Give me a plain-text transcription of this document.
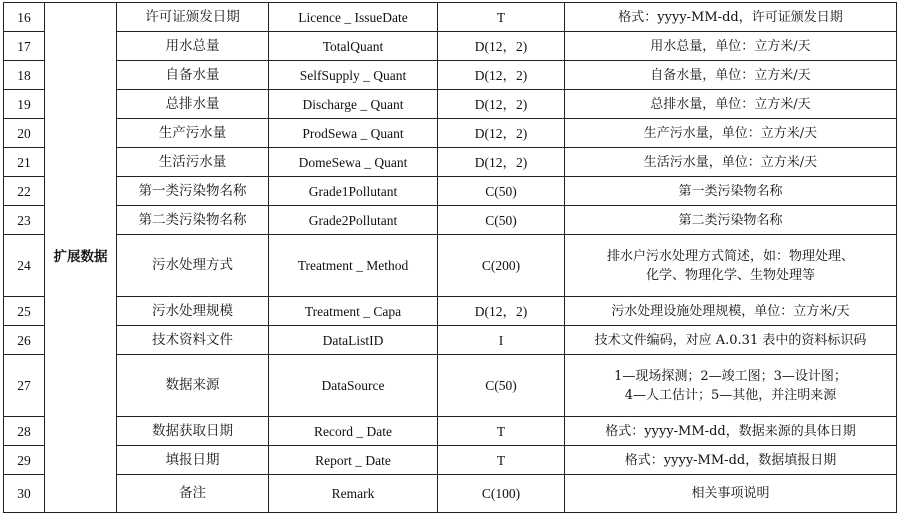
16	扩展数据	许可证颁发日期	Licence _ IssueDate	T	格式：yyyy-MM-dd，许可证颁发日期
17		用水总量	TotalQuant	D(12，2)	用水总量，单位：立方米/天
18		自备水量	SelfSupply _ Quant	D(12，2)	自备水量，单位：立方米/天
19		总排水量	Discharge _ Quant	D(12，2)	总排水量，单位：立方米/天
20		生产污水量	ProdSewa _ Quant	D(12，2)	生产污水量，单位：立方米/天
21		生活污水量	DomeSewa _ Quant	D(12，2)	生活污水量，单位：立方米/天
22		第一类污染物名称	Grade1Pollutant	C(50)	第一类污染物名称
23		第二类污染物名称	Grade2Pollutant	C(50)	第二类污染物名称
24		污水处理方式	Treatment _ Method	C(200)	排水户污水处理方式简述，如：物理处理、
化学、物理化学、生物处理等

25		污水处理规模	Treatment _ Capa	D(12，2)	污水处理设施处理规模，单位：立方米/天
26		技术资料文件	DataListID	I	技术文件编码，对应 A.0.31 表中的资料标识码
27		数据来源	DataSource	C(50)	1—现场探测；2—竣工图；3—设计图；
4—人工估计；5—其他，并注明来源

28		数据获取日期	Record _ Date	T	格式：yyyy-MM-dd，数据来源的具体日期
29		填报日期	Report _ Date	T	格式：yyyy-MM-dd，数据填报日期
30		备注	Remark	C(100)	相关事项说明
